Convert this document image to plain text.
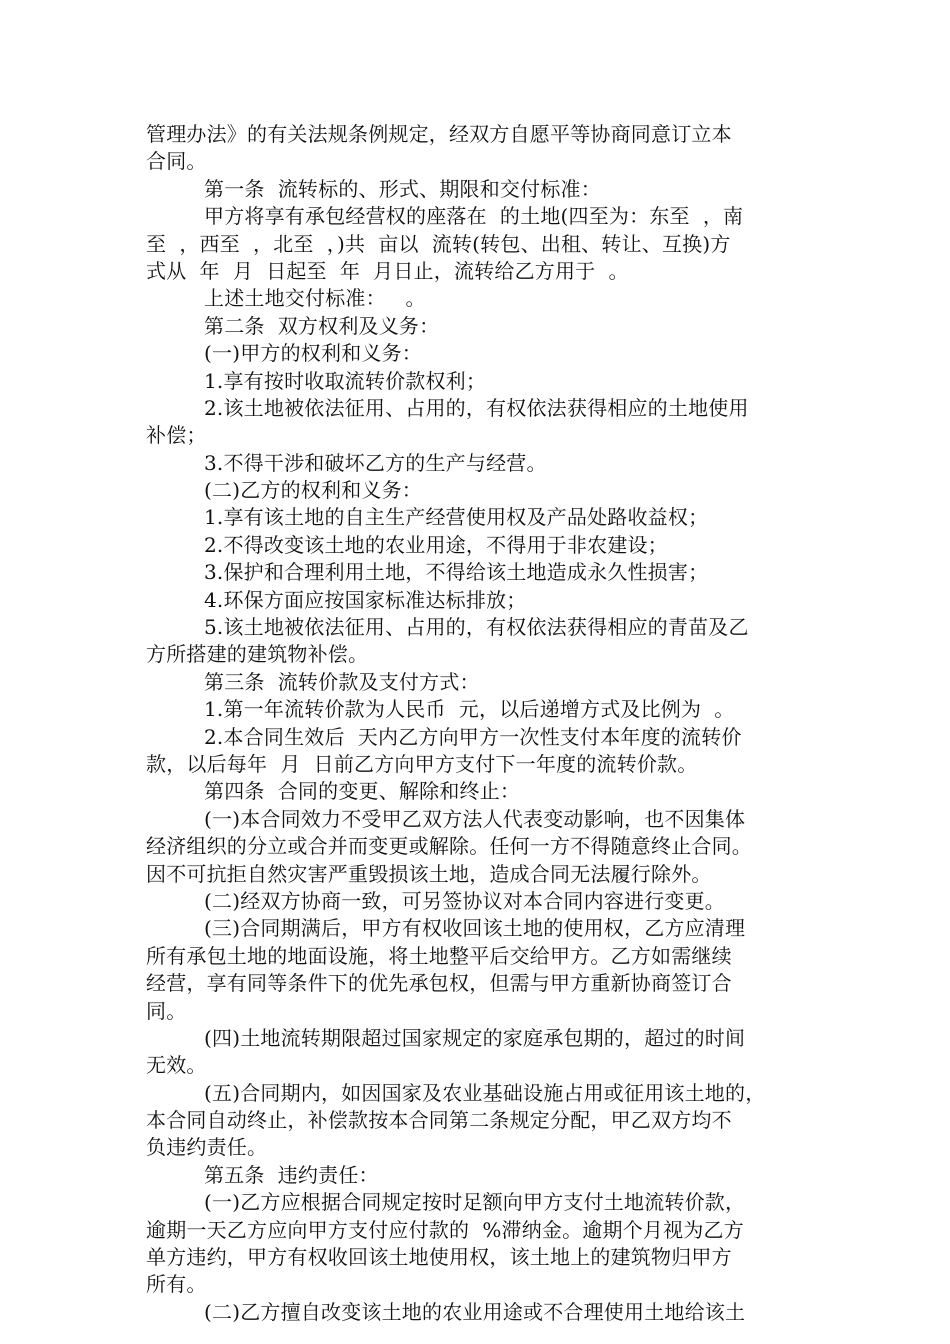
管理办法》的有关法规条例规定，经双方自愿平等协商同意订立本
合同。
第一条  流转标的、形式、期限和交付标准：
甲方将享有承包经营权的座落在  的土地(四至为：东至  ，南
至  ，西至  ，北至  ，)共  亩以  流转(转包、出租、转让、互换)方
式从  年  月  日起至  年  月日止，流转给乙方用于  。
上述土地交付标准：   。
第二条  双方权利及义务：
(一)甲方的权利和义务：
1.享有按时收取流转价款权利；
2.该土地被依法征用、占用的，有权依法获得相应的土地使用
补偿；
3.不得干涉和破坏乙方的生产与经营。
(二)乙方的权利和义务：
1.享有该土地的自主生产经营使用权及产品处路收益权；
2.不得改变该土地的农业用途，不得用于非农建设；
3.保护和合理利用土地，不得给该土地造成永久性损害；
4.环保方面应按国家标准达标排放；
5.该土地被依法征用、占用的，有权依法获得相应的青苗及乙
方所搭建的建筑物补偿。
第三条  流转价款及支付方式：
1.第一年流转价款为人民币  元，以后递增方式及比例为  。
2.本合同生效后  天内乙方向甲方一次性支付本年度的流转价
款，以后每年  月  日前乙方向甲方支付下一年度的流转价款。
第四条  合同的变更、解除和终止：
(一)本合同效力不受甲乙双方法人代表变动影响，也不因集体
经济组织的分立或合并而变更或解除。任何一方不得随意终止合同。
因不可抗拒自然灾害严重毁损该土地，造成合同无法履行除外。
(二)经双方协商一致，可另签协议对本合同内容进行变更。
(三)合同期满后，甲方有权收回该土地的使用权，乙方应清理
所有承包土地的地面设施，将土地整平后交给甲方。乙方如需继续
经营，享有同等条件下的优先承包权，但需与甲方重新协商签订合
同。
(四)土地流转期限超过国家规定的家庭承包期的，超过的时间
无效。
(五)合同期内，如因国家及农业基础设施占用或征用该土地的，
本合同自动终止，补偿款按本合同第二条规定分配，甲乙双方均不
负违约责任。
第五条  违约责任：
(一)乙方应根据合同规定按时足额向甲方支付土地流转价款，
逾期一天乙方应向甲方支付应付款的  %滞纳金。逾期个月视为乙方
单方违约，甲方有权收回该土地使用权，该土地上的建筑物归甲方
所有。
(二)乙方擅自改变该土地的农业用途或不合理使用土地给该土
